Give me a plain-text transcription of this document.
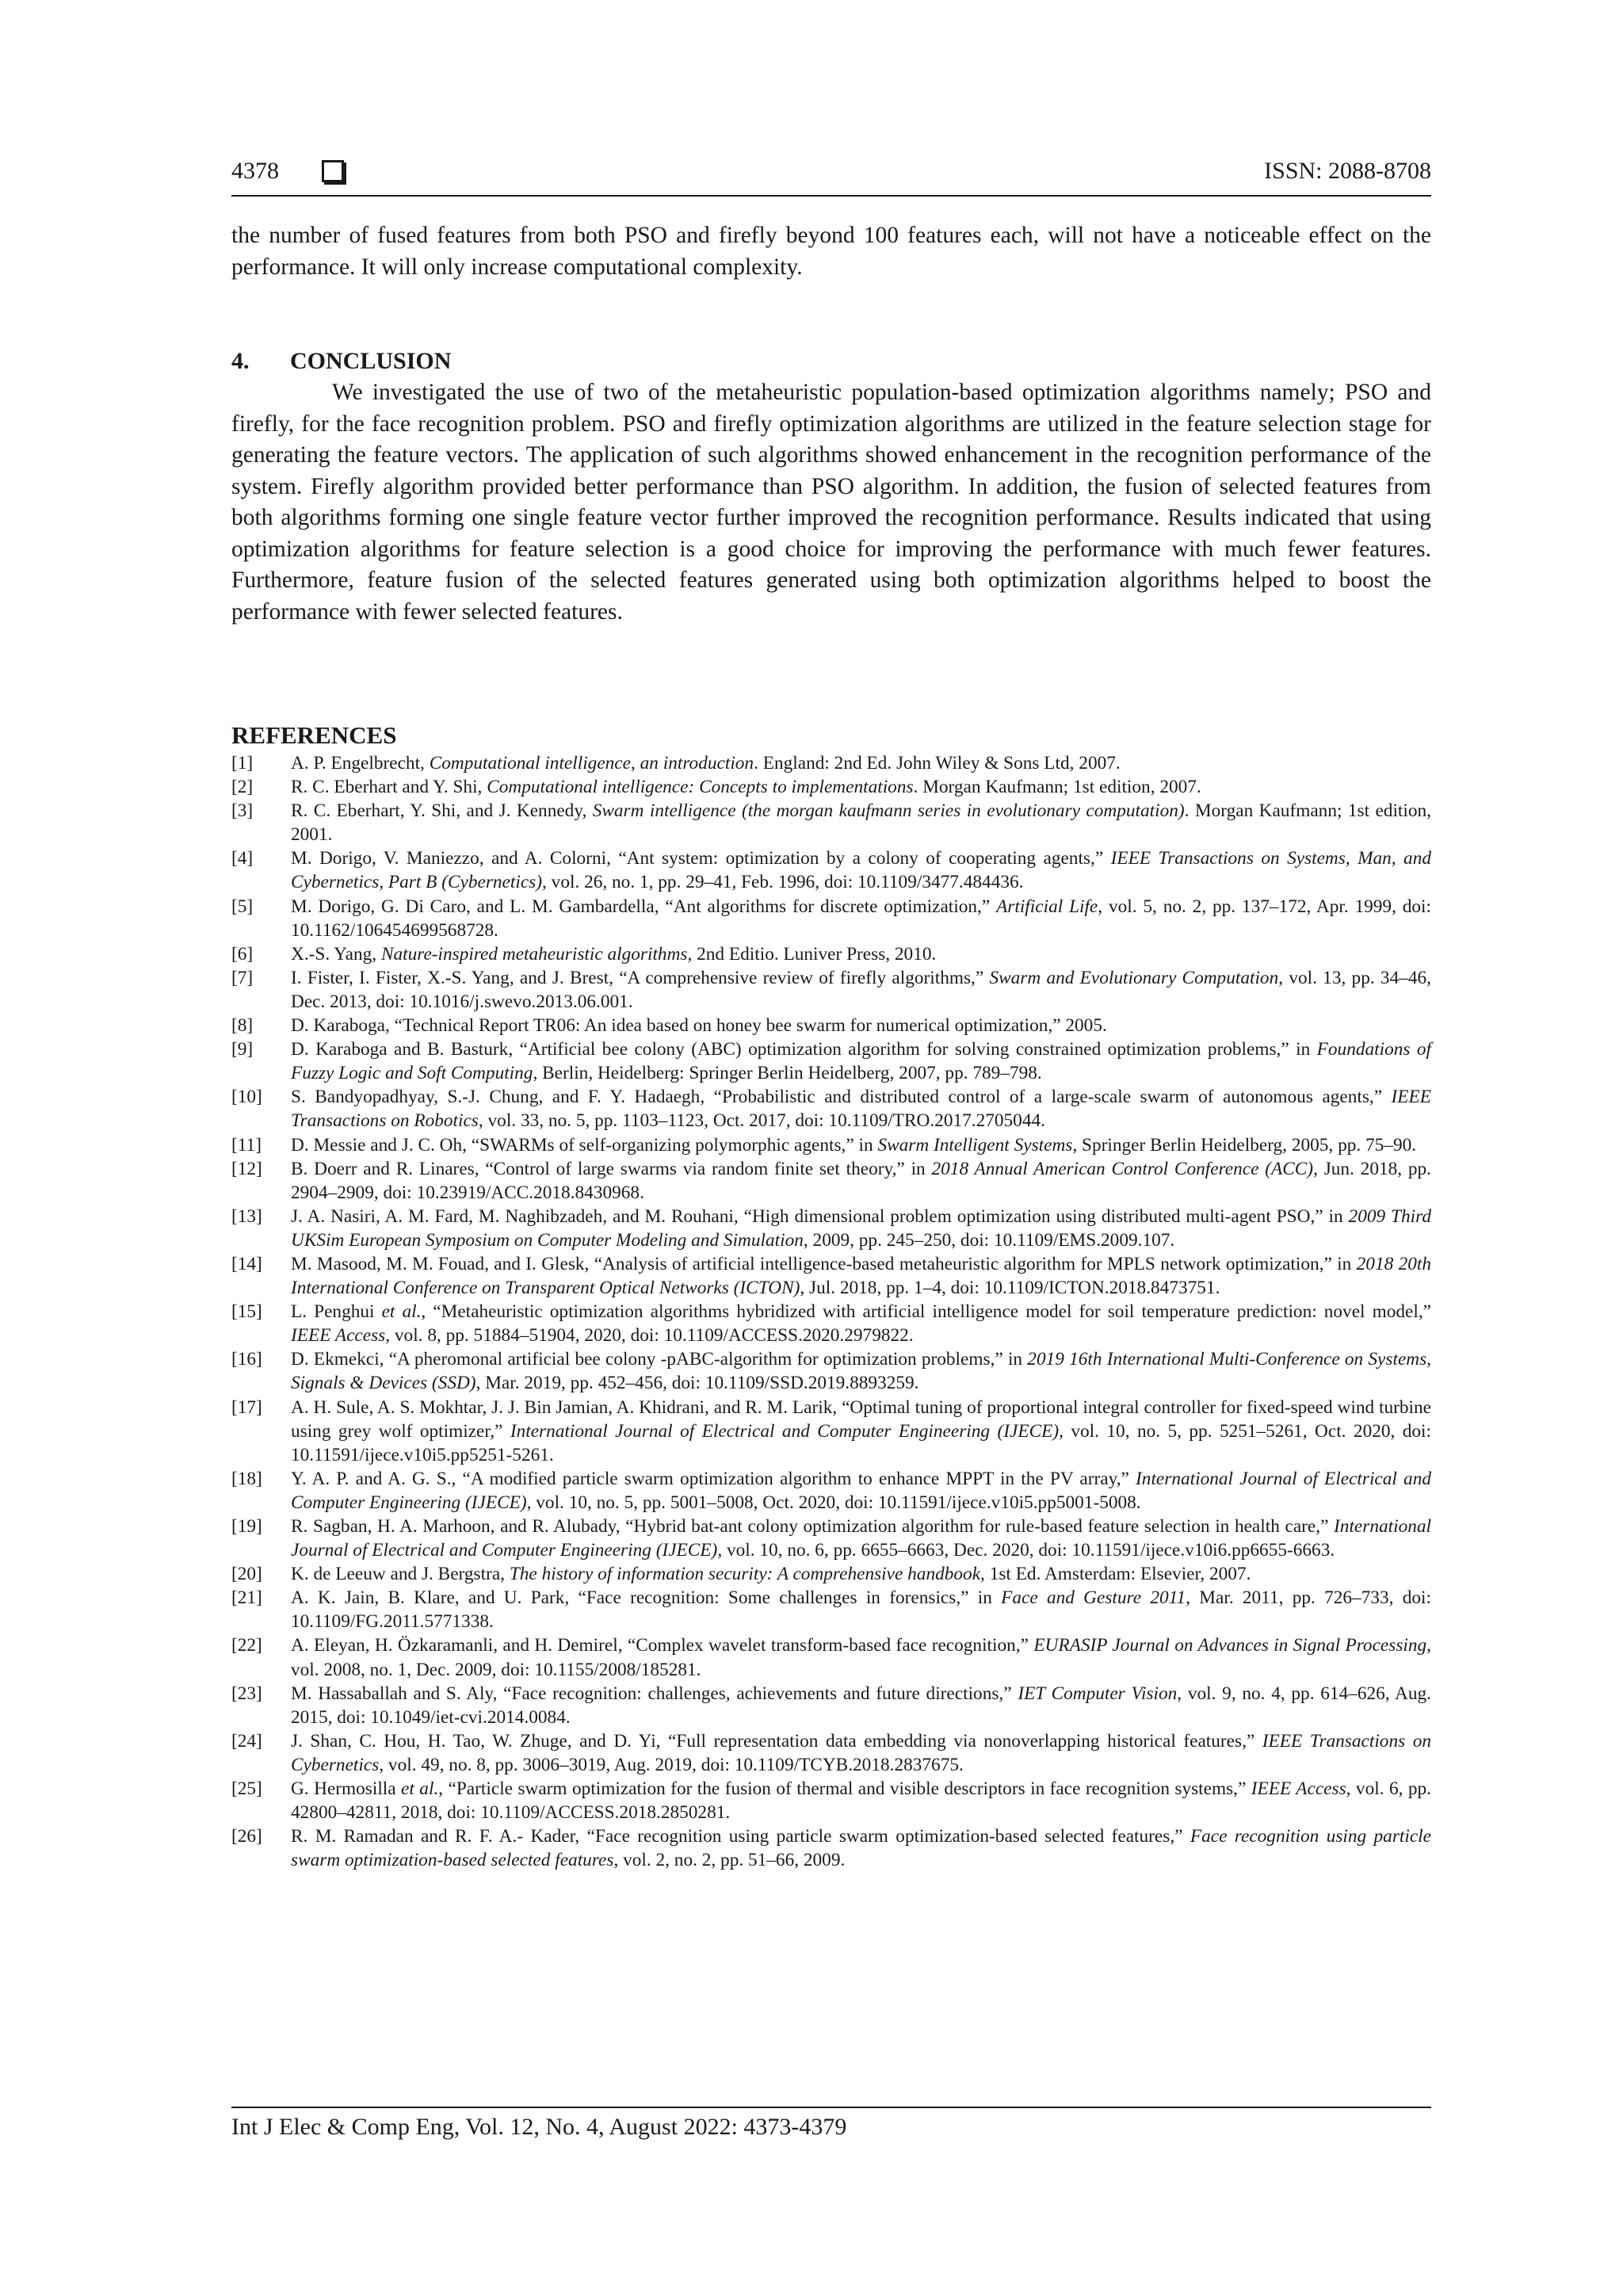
4378	ISSN: 2088-8708

the number of fused features from both PSO and firefly beyond 100 features each, will not have a noticeable effect on the performance. It will only increase computational complexity.

4. CONCLUSION

We investigated the use of two of the metaheuristic population-based optimization algorithms namely; PSO and firefly, for the face recognition problem. PSO and firefly optimization algorithms are utilized in the feature selection stage for generating the feature vectors. The application of such algorithms showed enhancement in the recognition performance of the system. Firefly algorithm provided better performance than PSO algorithm. In addition, the fusion of selected features from both algorithms forming one single feature vector further improved the recognition performance. Results indicated that using optimization algorithms for feature selection is a good choice for improving the performance with much fewer features. Furthermore, feature fusion of the selected features generated using both optimization algorithms helped to boost the performance with fewer selected features.

REFERENCES
[1] A. P. Engelbrecht, Computational intelligence, an introduction. England: 2nd Ed. John Wiley & Sons Ltd, 2007.
[2] R. C. Eberhart and Y. Shi, Computational intelligence: Concepts to implementations. Morgan Kaufmann; 1st edition, 2007.
[3] R. C. Eberhart, Y. Shi, and J. Kennedy, Swarm intelligence (the morgan kaufmann series in evolutionary computation). Morgan Kaufmann; 1st edition, 2001.
[4] M. Dorigo, V. Maniezzo, and A. Colorni, “Ant system: optimization by a colony of cooperating agents,” IEEE Transactions on Systems, Man, and Cybernetics, Part B (Cybernetics), vol. 26, no. 1, pp. 29–41, Feb. 1996, doi: 10.1109/3477.484436.
[5] M. Dorigo, G. Di Caro, and L. M. Gambardella, “Ant algorithms for discrete optimization,” Artificial Life, vol. 5, no. 2, pp. 137–172, Apr. 1999, doi: 10.1162/106454699568728.
[6] X.-S. Yang, Nature-inspired metaheuristic algorithms, 2nd Editio. Luniver Press, 2010.
[7] I. Fister, I. Fister, X.-S. Yang, and J. Brest, “A comprehensive review of firefly algorithms,” Swarm and Evolutionary Computation, vol. 13, pp. 34–46, Dec. 2013, doi: 10.1016/j.swevo.2013.06.001.
[8] D. Karaboga, “Technical Report TR06: An idea based on honey bee swarm for numerical optimization,” 2005.
[9] D. Karaboga and B. Basturk, “Artificial bee colony (ABC) optimization algorithm for solving constrained optimization problems,” in Foundations of Fuzzy Logic and Soft Computing, Berlin, Heidelberg: Springer Berlin Heidelberg, 2007, pp. 789–798.
[10] S. Bandyopadhyay, S.-J. Chung, and F. Y. Hadaegh, “Probabilistic and distributed control of a large-scale swarm of autonomous agents,” IEEE Transactions on Robotics, vol. 33, no. 5, pp. 1103–1123, Oct. 2017, doi: 10.1109/TRO.2017.2705044.
[11] D. Messie and J. C. Oh, “SWARMs of self-organizing polymorphic agents,” in Swarm Intelligent Systems, Springer Berlin Heidelberg, 2005, pp. 75–90.
[12] B. Doerr and R. Linares, “Control of large swarms via random finite set theory,” in 2018 Annual American Control Conference (ACC), Jun. 2018, pp. 2904–2909, doi: 10.23919/ACC.2018.8430968.
[13] J. A. Nasiri, A. M. Fard, M. Naghibzadeh, and M. Rouhani, “High dimensional problem optimization using distributed multi-agent PSO,” in 2009 Third UKSim European Symposium on Computer Modeling and Simulation, 2009, pp. 245–250, doi: 10.1109/EMS.2009.107.
[14] M. Masood, M. M. Fouad, and I. Glesk, “Analysis of artificial intelligence-based metaheuristic algorithm for MPLS network optimization,” in 2018 20th International Conference on Transparent Optical Networks (ICTON), Jul. 2018, pp. 1–4, doi: 10.1109/ICTON.2018.8473751.
[15] L. Penghui et al., “Metaheuristic optimization algorithms hybridized with artificial intelligence model for soil temperature prediction: novel model,” IEEE Access, vol. 8, pp. 51884–51904, 2020, doi: 10.1109/ACCESS.2020.2979822.
[16] D. Ekmekci, “A pheromonal artificial bee colony -pABC-algorithm for optimization problems,” in 2019 16th International Multi-Conference on Systems, Signals & Devices (SSD), Mar. 2019, pp. 452–456, doi: 10.1109/SSD.2019.8893259.
[17] A. H. Sule, A. S. Mokhtar, J. J. Bin Jamian, A. Khidrani, and R. M. Larik, “Optimal tuning of proportional integral controller for fixed-speed wind turbine using grey wolf optimizer,” International Journal of Electrical and Computer Engineering (IJECE), vol. 10, no. 5, pp. 5251–5261, Oct. 2020, doi: 10.11591/ijece.v10i5.pp5251-5261.
[18] Y. A. P. and A. G. S., “A modified particle swarm optimization algorithm to enhance MPPT in the PV array,” International Journal of Electrical and Computer Engineering (IJECE), vol. 10, no. 5, pp. 5001–5008, Oct. 2020, doi: 10.11591/ijece.v10i5.pp5001-5008.
[19] R. Sagban, H. A. Marhoon, and R. Alubady, “Hybrid bat-ant colony optimization algorithm for rule-based feature selection in health care,” International Journal of Electrical and Computer Engineering (IJECE), vol. 10, no. 6, pp. 6655–6663, Dec. 2020, doi: 10.11591/ijece.v10i6.pp6655-6663.
[20] K. de Leeuw and J. Bergstra, The history of information security: A comprehensive handbook, 1st Ed. Amsterdam: Elsevier, 2007.
[21] A. K. Jain, B. Klare, and U. Park, “Face recognition: Some challenges in forensics,” in Face and Gesture 2011, Mar. 2011, pp. 726–733, doi: 10.1109/FG.2011.5771338.
[22] A. Eleyan, H. Özkaramanli, and H. Demirel, “Complex wavelet transform-based face recognition,” EURASIP Journal on Advances in Signal Processing, vol. 2008, no. 1, Dec. 2009, doi: 10.1155/2008/185281.
[23] M. Hassaballah and S. Aly, “Face recognition: challenges, achievements and future directions,” IET Computer Vision, vol. 9, no. 4, pp. 614–626, Aug. 2015, doi: 10.1049/iet-cvi.2014.0084.
[24] J. Shan, C. Hou, H. Tao, W. Zhuge, and D. Yi, “Full representation data embedding via nonoverlapping historical features,” IEEE Transactions on Cybernetics, vol. 49, no. 8, pp. 3006–3019, Aug. 2019, doi: 10.1109/TCYB.2018.2837675.
[25] G. Hermosilla et al., “Particle swarm optimization for the fusion of thermal and visible descriptors in face recognition systems,” IEEE Access, vol. 6, pp. 42800–42811, 2018, doi: 10.1109/ACCESS.2018.2850281.
[26] R. M. Ramadan and R. F. A.- Kader, “Face recognition using particle swarm optimization-based selected features,” Face recognition using particle swarm optimization-based selected features, vol. 2, no. 2, pp. 51–66, 2009.
Int J Elec & Comp Eng, Vol. 12, No. 4, August 2022: 4373-4379
